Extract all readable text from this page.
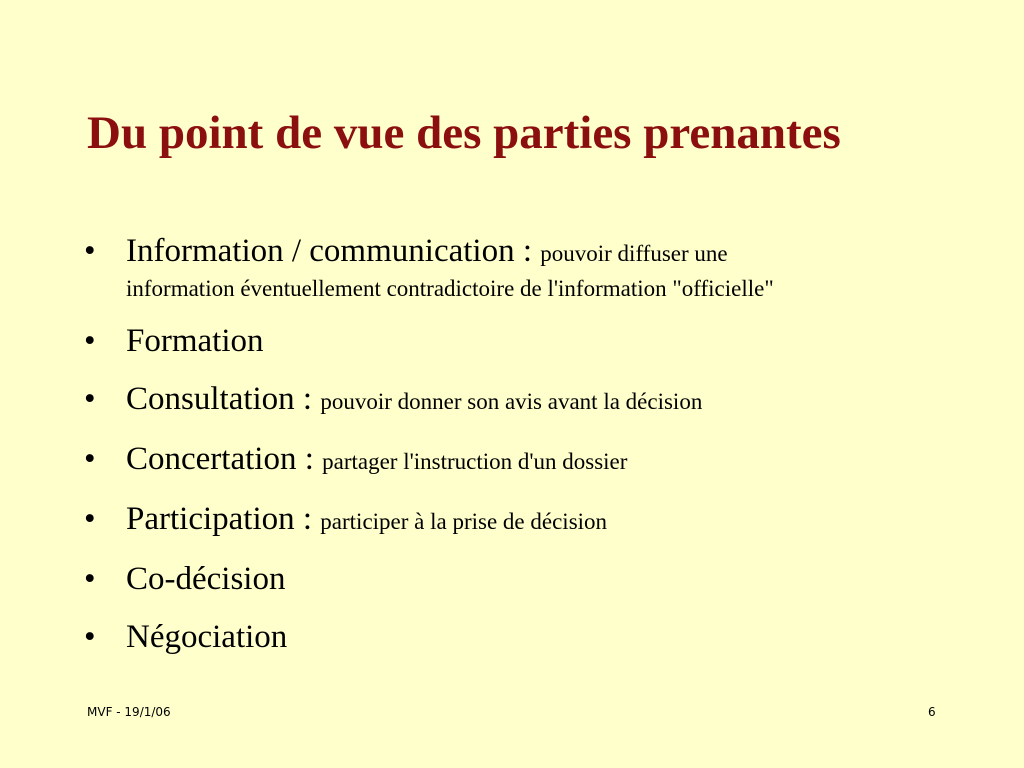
Du point de vue des parties prenantes
• Information / communication : pouvoir diffuser une
information éventuellement contradictoire de l'information "officielle"
• Formation
• Consultation : pouvoir donner son avis avant la décision
• Concertation : partager l'instruction d'un dossier
• Participation : participer à la prise de décision
• Co-décision
• Négociation
MVF - 19/1/06	6
